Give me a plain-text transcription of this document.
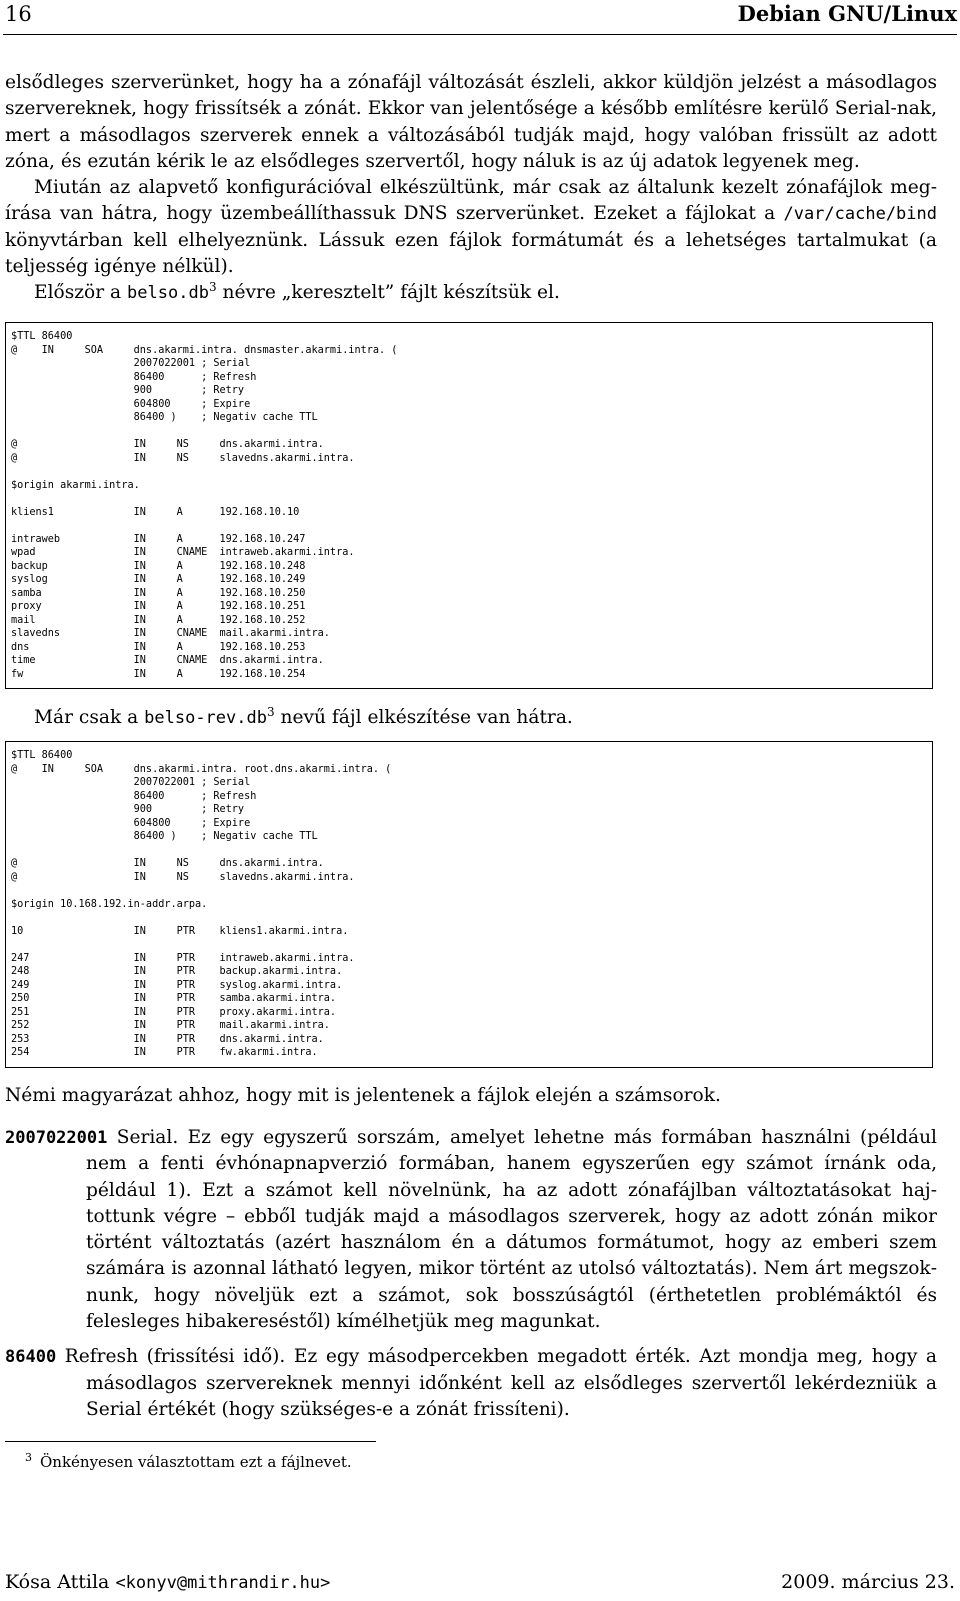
16	Debian GNU/Linux
elsődleges szerverünket, hogy ha a zónafájl változását észleli, akkor küldjön jelzést a másodlagos szervereknek, hogy frissítsék a zónát. Ekkor van jelentősége a később említésre kerülő Serial-nak, mert a másodlagos szerverek ennek a változásából tudják majd, hogy valóban frissült az adott zóna, és ezután kérik le az elsődleges szervertől, hogy náluk is az új adatok legyenek meg.
Miután az alapvető konfigurációval elkészültünk, már csak az általunk kezelt zónafájlok megírása van hátra, hogy üzembeállíthassuk DNS szerverünket. Ezeket a fájlokat a /var/cache/bind könyvtárban kell elhelyeznünk. Lássuk ezen fájlok formátumát és a lehetséges tartalmukat (a teljesség igénye nélkül).
Először a belso.db$^3$ névre „keresztelt” fájlt készítsük el.
$TTL 86400
@    IN     SOA     dns.akarmi.intra. dnsmaster.akarmi.intra. (
2007022001 ; Serial
86400      ; Refresh
900        ; Retry
604800     ; Expire
86400 )    ; Negativ cache TTL

@                   IN     NS     dns.akarmi.intra.
@                   IN     NS     slavedns.akarmi.intra.

$origin akarmi.intra.

kliens1             IN     A      192.168.10.10

intraweb            IN     A      192.168.10.247
wpad                IN     CNAME  intraweb.akarmi.intra.
backup              IN     A      192.168.10.248
syslog              IN     A      192.168.10.249
samba               IN     A      192.168.10.250
proxy               IN     A      192.168.10.251
mail                IN     A      192.168.10.252
slavedns            IN     CNAME  mail.akarmi.intra.
dns                 IN     A      192.168.10.253
time                IN     CNAME  dns.akarmi.intra.
fw                  IN     A      192.168.10.254
Már csak a belso-rev.db$^3$ nevű fájl elkészítése van hátra.
$TTL 86400
@    IN     SOA     dns.akarmi.intra. root.dns.akarmi.intra. (
2007022001 ; Serial
86400      ; Refresh
900        ; Retry
604800     ; Expire
86400 )    ; Negativ cache TTL

@                   IN     NS     dns.akarmi.intra.
@                   IN     NS     slavedns.akarmi.intra.

$origin 10.168.192.in-addr.arpa.

10                  IN     PTR    kliens1.akarmi.intra.

247                 IN     PTR    intraweb.akarmi.intra.
248                 IN     PTR    backup.akarmi.intra.
249                 IN     PTR    syslog.akarmi.intra.
250                 IN     PTR    samba.akarmi.intra.
251                 IN     PTR    proxy.akarmi.intra.
252                 IN     PTR    mail.akarmi.intra.
253                 IN     PTR    dns.akarmi.intra.
254                 IN     PTR    fw.akarmi.intra.
Némi magyarázat ahhoz, hogy mit is jelentenek a fájlok elején a számsorok.
2007022001 Serial. Ez egy egyszerű sorszám, amelyet lehetne más formában használni (például nem a fenti évhónapnapverzió formában, hanem egyszerűen egy számot írnánk oda, például 1). Ezt a számot kell növelnünk, ha az adott zónafájlban változtatásokat hajtottunk végre – ebből tudják majd a másodlagos szerverek, hogy az adott zónán mikor történt változtatás (azért használom én a dátumos formátumot, hogy az emberi szem számára is azonnal látható legyen, mikor történt az utolsó változtatás). Nem árt megszoknunk, hogy növeljük ezt a számot, sok bosszúságtól (érthetetlen problémáktól és felesleges hibakereséstől) kímélhetjük meg magunkat.
86400 Refresh (frissítési idő). Ez egy másodpercekben megadott érték. Azt mondja meg, hogy a másodlagos szervereknek mennyi időnként kell az elsődleges szervertől lekérdezniük a Serial értékét (hogy szükséges-e a zónát frissíteni).
$^3$ Önkényesen választottam ezt a fájlnevet.
Kósa Attila <konyv@mithrandir.hu>	2009. március 23.
